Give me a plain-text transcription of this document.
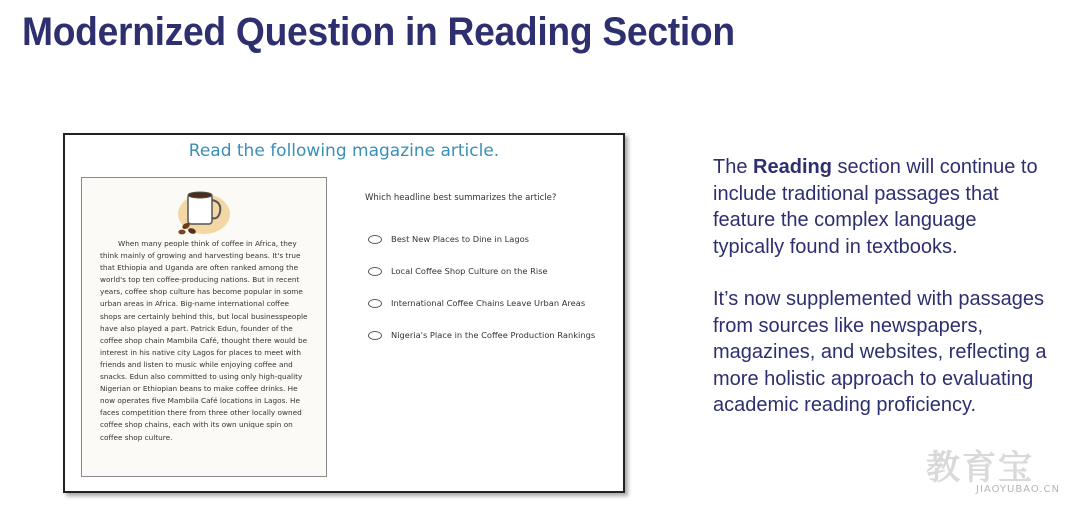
Modernized Question in Reading Section
Read the following magazine article.

When many people think of coffee in Africa, they think mainly of growing and harvesting beans. It's true that Ethiopia and Uganda are often ranked among the world's top ten coffee-producing nations. But in recent years, coffee shop culture has become popular in some urban areas in Africa. Big-name international coffee shops are certainly behind this, but local businesspeople have also played a part. Patrick Edun, founder of the coffee shop chain Mambila Café, thought there would be interest in his native city Lagos for places to meet with friends and listen to music while enjoying coffee and snacks. Edun also committed to using only high-quality Nigerian or Ethiopian beans to make coffee drinks. He now operates five Mambila Café locations in Lagos. He faces competition there from three other locally owned coffee shop chains, each with its own unique spin on coffee shop culture.

Which headline best summarizes the article?
Best New Places to Dine in Lagos
Local Coffee Shop Culture on the Rise
International Coffee Chains Leave Urban Areas
Nigeria's Place in the Coffee Production Rankings

The Reading section will continue to include traditional passages that feature the complex language typically found in textbooks.

It’s now supplemented with passages from sources like newspapers, magazines, and websites, reflecting a more holistic approach to evaluating academic reading proficiency.

教育宝
JIAOYUBAO.CN
